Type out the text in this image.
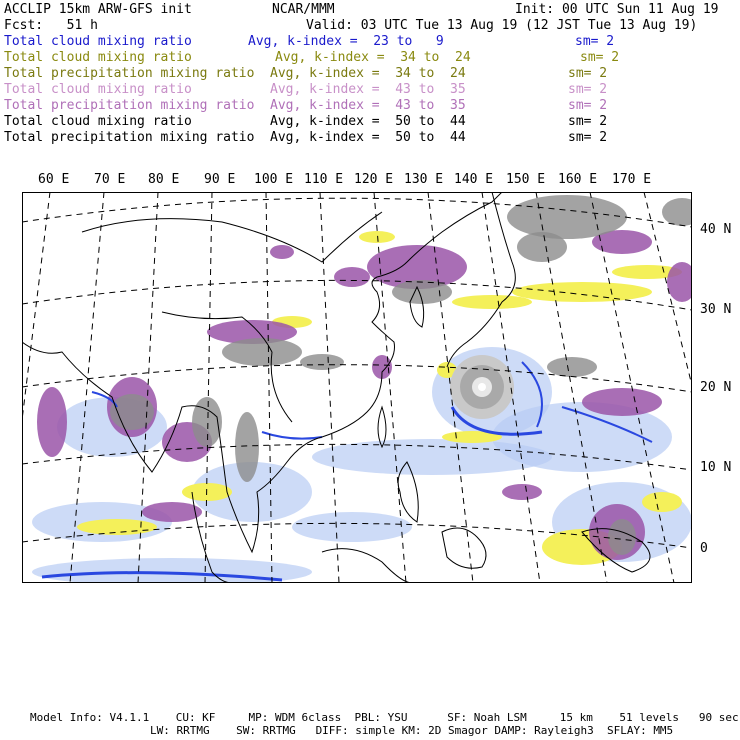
ACCLIP 15km ARW-GFS init	NCAR/MMM	Init: 00 UTC Sun 11 Aug 19
Fcst:   51 h	Valid: 03 UTC Tue 13 Aug 19 (12 JST Tue 13 Aug 19)
Total cloud mixing ratio	Avg, k-index =  23 to   9	sm= 2
Total cloud mixing ratio	Avg, k-index =  34 to  24	sm= 2
Total precipitation mixing ratio Avg, k-index =  34 to  24	sm= 2
Total cloud mixing ratio	Avg, k-index =  43 to  35	sm= 2
Total precipitation mixing ratio Avg, k-index =  43 to  35	sm= 2
Total cloud mixing ratio	Avg, k-index =  50 to  44	sm= 2
Total precipitation mixing ratio Avg, k-index =  50 to  44	sm= 2
60 E 70 E 80 E 90 E 100 E 110 E 120 E 130 E 140 E 150 E 160 E 170 E
40 N
30 N
20 N
10 N
0
Model Info: V4.1.1    CU: KF     MP: WDM 6class  PBL: YSU      SF: Noah LSM     15 km    51 levels   90 sec
LW: RRTMG    SW: RRTMG   DIFF: simple KM: 2D Smagor DAMP: Rayleigh3  SFLAY: MM5
